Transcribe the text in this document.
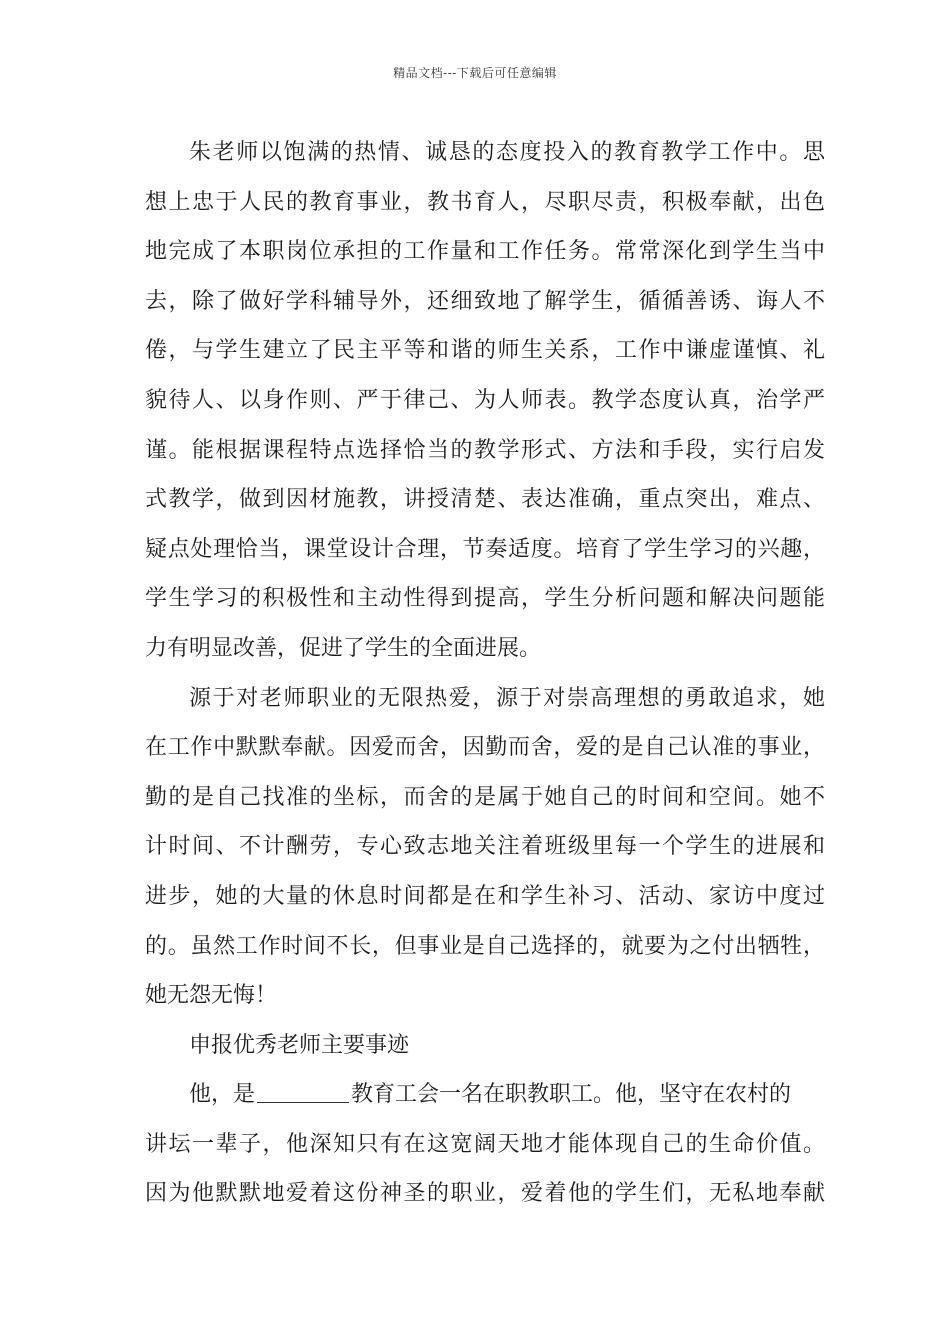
精品文档---下载后可任意编辑
朱老师以饱满的热情、诚恳的态度投入的教育教学工作中。思
想上忠于人民的教育事业，教书育人，尽职尽责，积极奉献，出色
地完成了本职岗位承担的工作量和工作任务。常常深化到学生当中
去，除了做好学科辅导外，还细致地了解学生，循循善诱、诲人不
倦，与学生建立了民主平等和谐的师生关系，工作中谦虚谨慎、礼
貌待人、以身作则、严于律己、为人师表。教学态度认真，治学严
谨。能根据课程特点选择恰当的教学形式、方法和手段，实行启发
式教学，做到因材施教，讲授清楚、表达准确，重点突出，难点、
疑点处理恰当，课堂设计合理，节奏适度。培育了学生学习的兴趣，
学生学习的积极性和主动性得到提高，学生分析问题和解决问题能
力有明显改善，促进了学生的全面进展。
源于对老师职业的无限热爱，源于对崇高理想的勇敢追求，她
在工作中默默奉献。因爱而舍，因勤而舍，爱的是自己认准的事业，
勤的是自己找准的坐标，而舍的是属于她自己的时间和空间。她不
计时间、不计酬劳，专心致志地关注着班级里每一个学生的进展和
进步，她的大量的休息时间都是在和学生补习、活动、家访中度过
的。虽然工作时间不长，但事业是自己选择的，就要为之付出牺牲，
她无怨无悔！
申报优秀老师主要事迹
他，是	教育工会一名在职教职工。他，坚守在农村的
讲坛一辈子，他深知只有在这宽阔天地才能体现自己的生命价值。
因为他默默地爱着这份神圣的职业，爱着他的学生们，无私地奉献
